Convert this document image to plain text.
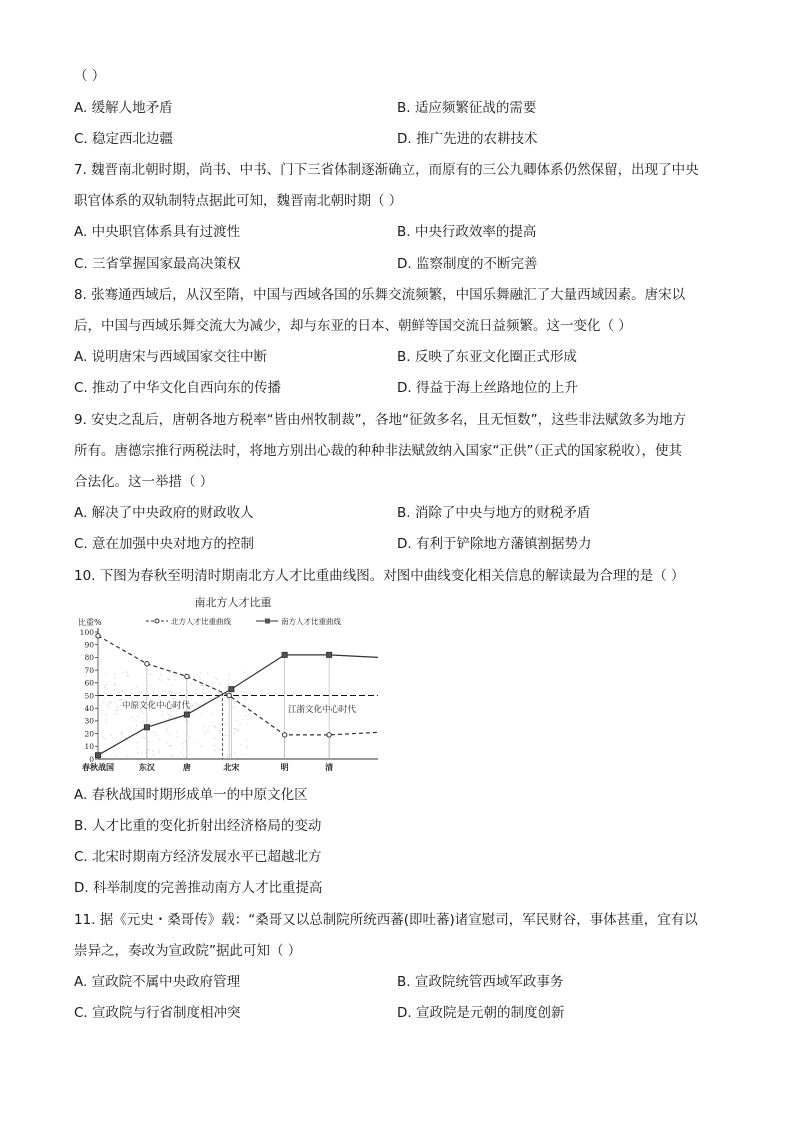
（ ）
A. 缓解人地矛盾	B. 适应频繁征战的需要
C. 稳定西北边疆	D. 推广先进的农耕技术
7. 魏晋南北朝时期，尚书、中书、门下三省体制逐渐确立，而原有的三公九卿体系仍然保留，出现了中央
职官体系的双轨制特点据此可知，魏晋南北朝时期（ ）
A. 中央职官体系具有过渡性	B. 中央行政效率的提高
C. 三省掌握国家最高决策权	D. 监察制度的不断完善
8. 张骞通西域后，从汉至隋，中国与西域各国的乐舞交流频繁，中国乐舞融汇了大量西域因素。唐宋以
后，中国与西域乐舞交流大为减少，却与东亚的日本、朝鲜等国交流日益频繁。这一变化（ ）
A. 说明唐宋与西域国家交往中断	B. 反映了东亚文化圈正式形成
C. 推动了中华文化自西向东的传播	D. 得益于海上丝路地位的上升
9. 安史之乱后，唐朝各地方税率“皆由州牧制裁”，各地“征敛多名，且无恒数”，这些非法赋敛多为地方
所有。唐德宗推行两税法时，将地方别出心裁的种种非法赋敛纳入国家“正供”（正式的国家税收），使其
合法化。这一举措（ ）
A. 解决了中央政府的财政收人	B. 消除了中央与地方的财税矛盾
C. 意在加强中央对地方的控制	D. 有利于铲除地方藩镇割据势力
10. 下图为春秋至明清时期南北方人才比重曲线图。对图中曲线变化相关信息的解读最为合理的是（ ）
南北方人才比重
比重%	北方人才比重曲线	南方人才比重曲线
0
10
20
30
40
50
60
70
80
90
100
春秋战国	东汉	唐	北宋	明	清
中原文化中心时代	江浙文化中心时代
A. 春秋战国时期形成单一的中原文化区
B. 人才比重的变化折射出经济格局的变动
C. 北宋时期南方经济发展水平已超越北方
D. 科举制度的完善推动南方人才比重提高
11. 据《元史・桑哥传》载：“桑哥又以总制院所统西蕃(即吐蕃)诸宣慰司，军民财谷，事体甚重，宜有以
崇异之，奏改为宣政院”据此可知（ ）
A. 宣政院不属中央政府管理	B. 宣政院统管西域军政事务
C. 宣政院与行省制度相冲突	D. 宣政院是元朝的制度创新
